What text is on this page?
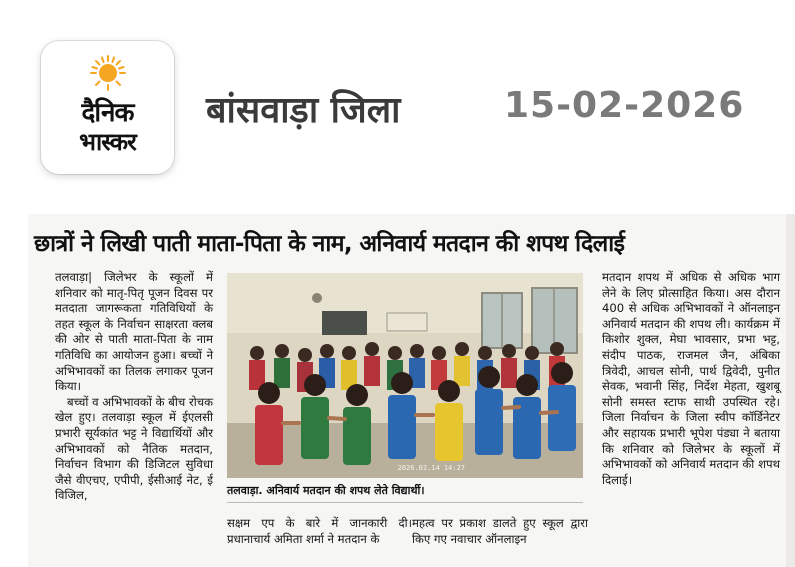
दैनिक
भास्कर
बांसवाड़ा जिला	15-02-2026
छात्रों ने लिखी पाती माता-पिता के नाम, अनिवार्य मतदान की शपथ दिलाई

तलवाड़ा| जिलेभर के स्कूलों में शनिवार को मातृ-पितृ पूजन दिवस पर मतदाता जागरूकता गतिविधियों के तहत स्कूल के निर्वाचन साक्षरता क्लब की ओर से पाती माता-पिता के नाम गतिविधि का आयोजन हुआ। बच्चों ने अभिभावकों का तिलक लगाकर पूजन किया।

बच्चों व अभिभावकों के बीच रोचक खेल हुए। तलवाड़ा स्कूल में ईएलसी प्रभारी सूर्यकांत भट्ट ने विद्यार्थियों और अभिभावकों को नैतिक मतदान, निर्वाचन विभाग की डिजिटल सुविधा जैसे वीएचए, एपीपी, ईसीआई नेट, ई विजिल,

2026.02.14 14:27
तलवाड़ा. अनिवार्य मतदान की शपथ लेते विद्यार्थी।
सक्षम एप के बारे में जानकारी दी। प्रधानाचार्य अमिता शर्मा ने मतदान के
महत्व पर प्रकाश डालते हुए स्कूल द्वारा किए गए नवाचार ऑनलाइन
मतदान शपथ में अधिक से अधिक भाग लेने के लिए प्रोत्साहित किया। अस दौरान 400 से अधिक अभिभावकों ने ऑनलाइन अनिवार्य मतदान की शपथ ली। कार्यक्रम में किशोर शुक्ल, मेघा भावसार, प्रभा भट्ट, संदीप पाठक, राजमल जैन, अंबिका त्रिवेदी, आचल सोनी, पार्थ द्विवेदी, पुनीत सेवक, भवानी सिंह, निर्देश मेहता, खुशबू सोनी समस्त स्टाफ साथी उपस्थित रहे। जिला निर्वाचन के जिला स्वीप कॉर्डिनेटर और सहायक प्रभारी भूपेश पंड्या ने बताया कि शनिवार को जिलेभर के स्कूलों में अभिभावकों को अनिवार्य मतदान की शपथ दिलाई।
